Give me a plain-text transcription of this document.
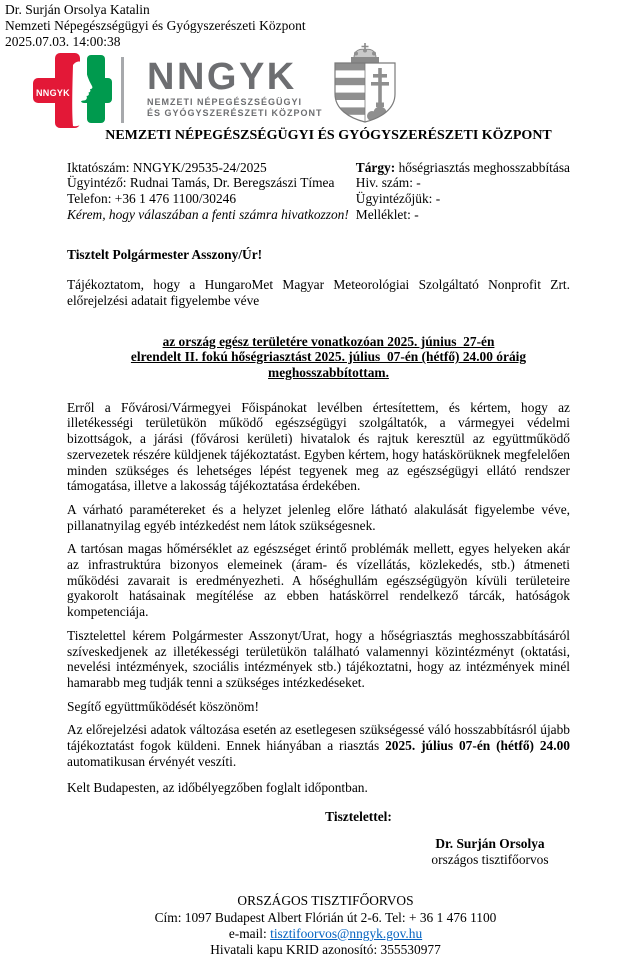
Dr. Surján Orsolya Katalin
Nemzeti Népegészségügyi és Gyógyszerészeti Központ
2025.07.03. 14:00:38
NNGYK NNGYK
NEMZETI NÉPEGÉSZSÉGÜGYI
ÉS GYÓGYSZERÉSZETI KÖZPONT
NEMZETI NÉPEGÉSZSÉGÜGYI ÉS GYÓGYSZERÉSZETI KÖZPONT
Iktatószám: NNGYK/29535-24/2025
Ügyintéző: Rudnai Tamás, Dr. Beregszászi Tímea
Telefon: +36 1 476 1100/30246
Kérem, hogy válaszában a fenti számra hivatkozzon!
Tárgy: hőségriasztás meghosszabbítása
Hiv. szám: -
Ügyintézőjük: -
Melléklet: -
Tisztelt Polgármester Asszony/Úr!

Tájékoztatom, hogy a HungaroMet Magyar Meteorológiai Szolgáltató Nonprofit Zrt. előrejelzési adatait figyelembe véve

az ország egész területére vonatkozóan 2025. június  27-én
elrendelt II. fokú hőségriasztást 2025. július  07-én (hétfő) 24.00 óráig
meghosszabbítottam.

Erről a Fővárosi/Vármegyei Főispánokat levélben értesítettem, és kértem, hogy az illetékességi területükön működő egészségügyi szolgáltatók, a vármegyei védelmi bizottságok, a járási (fővárosi kerületi) hivatalok és rajtuk keresztül az együttműködő szervezetek részére küldjenek tájékoztatást. Egyben kértem, hogy hatáskörüknek megfelelően minden szükséges és lehetséges lépést tegyenek meg az egészségügyi ellátó rendszer támogatása, illetve a lakosság tájékoztatása érdekében.

A várható paramétereket és a helyzet jelenleg előre látható alakulását figyelembe véve, pillanatnyilag egyéb intézkedést nem látok szükségesnek.

A tartósan magas hőmérséklet az egészséget érintő problémák mellett, egyes helyeken akár az infrastruktúra bizonyos elemeinek (áram- és vízellátás, közlekedés, stb.) átmeneti működési zavarait is eredményezheti. A hőséghullám egészségügyön kívüli területeire gyakorolt hatásainak megítélése az ebben hatáskörrel rendelkező tárcák, hatóságok kompetenciája.

Tisztelettel kérem Polgármester Asszonyt/Urat, hogy a hőségriasztás meghosszabbításáról szíveskedjenek az illetékességi területükön található valamennyi közintézményt (oktatási, nevelési intézmények, szociális intézmények stb.) tájékoztatni, hogy az intézmények minél hamarabb meg tudják tenni a szükséges intézkedéseket.

Segítő együttműködését köszönöm!

Az előrejelzési adatok változása esetén az esetlegesen szükségessé váló hosszabbításról újabb tájékoztatást fogok küldeni. Ennek hiányában a riasztás 2025. július 07-én (hétfő) 24.00 automatikusan érvényét veszíti.

Kelt Budapesten, az időbélyegzőben foglalt időpontban.

Tisztelettel:
Dr. Surján Orsolya
országos tisztifőorvos
ORSZÁGOS TISZTIFŐORVOS
Cím: 1097 Budapest Albert Flórián út 2-6. Tel: + 36 1 476 1100
e-mail: tisztifoorvos@nngyk.gov.hu
Hivatali kapu KRID azonosító: 355530977
